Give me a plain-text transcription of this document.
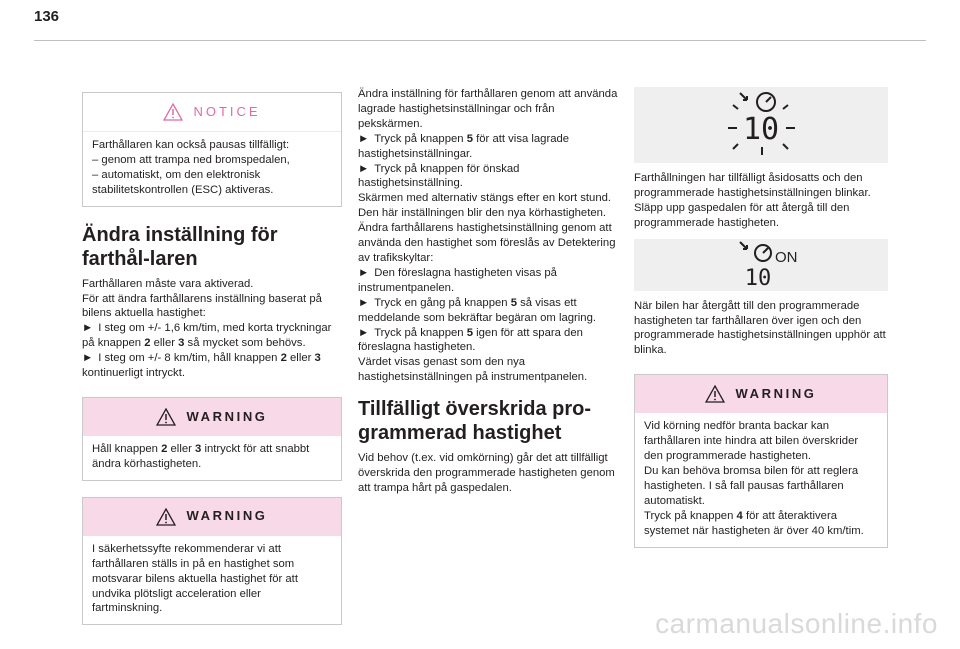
136
NOTICE

Farthållaren kan också pausas tillfälligt:

– genom att trampa ned bromspedalen,

– automatiskt, om den elektronisk stabilitetskontrollen (ESC) aktiveras.

Ändra inställning för farthål-laren

Farthållaren måste vara aktiverad.

För att ändra farthållarens inställning baserat på bilens aktuella hastighet:

► I steg om +/- 1,6 km/tim, med korta tryckningar på knappen 2 eller 3 så mycket som behövs.

► I steg om +/- 8 km/tim, håll knappen 2 eller 3 kontinuerligt intryckt.

WARNING

Håll knappen 2 eller 3 intryckt för att snabbt ändra körhastigheten.

WARNING

I säkerhetssyfte rekommenderar vi att farthållaren ställs in på en hastighet som motsvarar bilens aktuella hastighet för att undvika plötsligt acceleration eller fartminskning.

Ändra inställning för farthållaren genom att använda lagrade hastighetsinställningar och från pekskärmen.

► Tryck på knappen 5 för att visa lagrade hastighetsinställningar.

► Tryck på knappen för önskad hastighetsinställning.

Skärmen med alternativ stängs efter en kort stund.

Den här inställningen blir den nya körhastigheten.

Ändra farthållarens hastighetsinställning genom att använda den hastighet som föreslås av Detektering av trafikskyltar:

► Den föreslagna hastigheten visas på instrumentpanelen.

► Tryck en gång på knappen 5 så visas ett meddelande som bekräftar begäran om lagring.

► Tryck på knappen 5 igen för att spara den föreslagna hastigheten.

Värdet visas genast som den nya hastighetsinställningen på instrumentpanelen.

Tillfälligt överskrida pro-grammerad hastighet

Vid behov (t.ex. vid omkörning) går det att tillfälligt överskrida den programmerade hastigheten genom att trampa hårt på gaspedalen.

10

Farthållningen har tillfälligt åsidosatts och den programmerade hastighetsinställningen blinkar. Släpp upp gaspedalen för att återgå till den programmerade hastigheten.

ON
10

När bilen har återgått till den programmerade hastigheten tar farthållaren över igen och den programmerade hastighetsinställningen upphör att blinka.

WARNING

Vid körning nedför branta backar kan farthållaren inte hindra att bilen överskrider den programmerade hastigheten.

Du kan behöva bromsa bilen för att reglera hastigheten. I så fall pausas farthållaren automatiskt.

Tryck på knappen 4 för att återaktivera systemet när hastigheten är över 40 km/tim.

carmanualsonline.info
